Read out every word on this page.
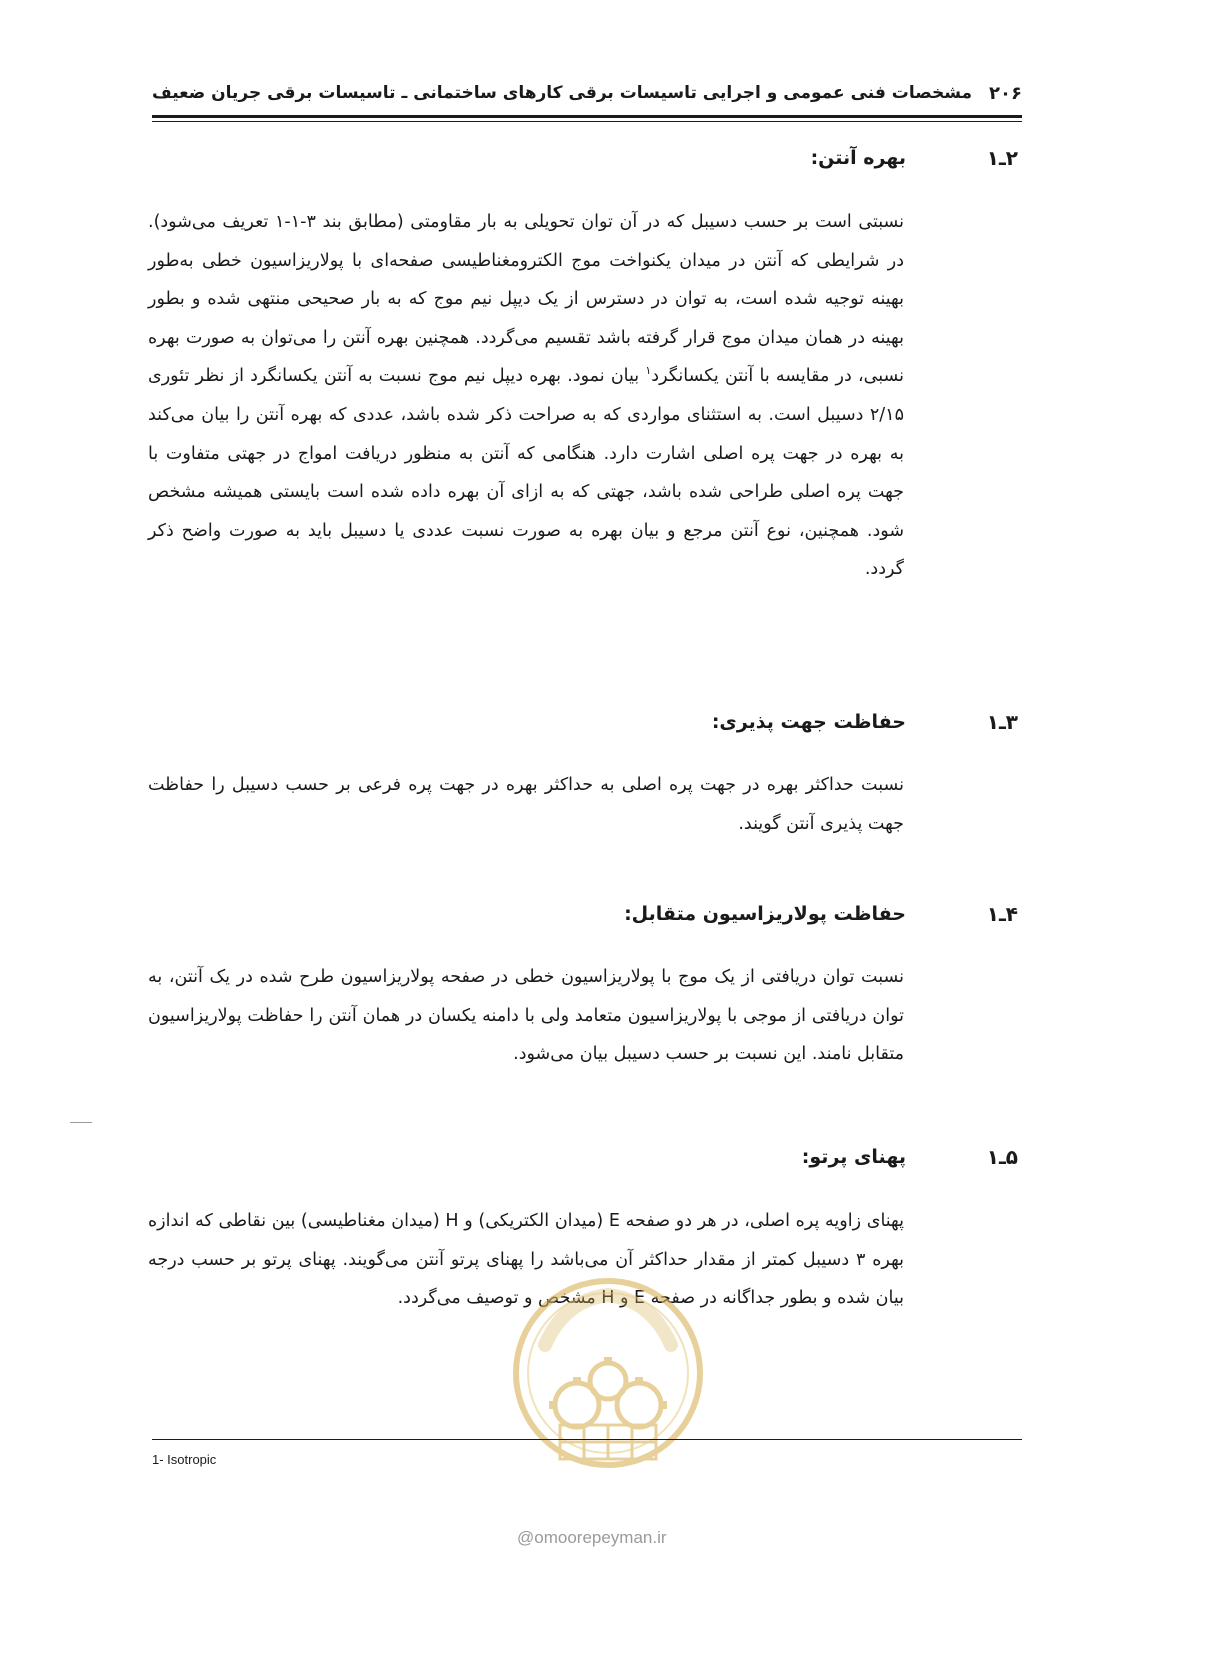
۲۰۶
مشخصات فنی عمومی و اجرایی تاسیسات برقی کارهای ساختمانی ـ تاسیسات برقی جریان ضعیف
۲ـ۱
بهره آنتن:

نسبتی است بر حسب دسیبل که در آن توان تحویلی به بار مقاومتی (مطابق بند ۳-۱-۱ تعریف می‌شود). در شرایطی که آنتن در میدان یکنواخت موج الکترومغناطیسی صفحه‌ای با پولاریزاسیون خطی به‌طور بهینه توجیه شده است، به توان در دسترس از یک دیپل نیم موج که به بار صحیحی منتهی شده و بطور بهینه در همان میدان موج قرار گرفته باشد تقسیم می‌گردد. همچنین بهره آنتن را می‌توان به صورت بهره نسبی، در مقایسه با آنتن یکسانگرد$^۱$ بیان نمود. بهره دیپل نیم موج نسبت به آنتن یکسانگرد از نظر تئوری ۲/۱۵ دسیبل است. به استثنای مواردی که به صراحت ذکر شده باشد، عددی که بهره آنتن را بیان می‌کند به بهره در جهت پره اصلی اشارت دارد. هنگامی که آنتن به منظور دریافت امواج در جهتی متفاوت با جهت پره اصلی طراحی شده باشد، جهتی که به ازای آن بهره داده شده است بایستی همیشه مشخص شود. همچنین، نوع آنتن مرجع و بیان بهره به صورت نسبت عددی یا دسیبل باید به صورت واضح ذکر گردد.

۳ـ۱
حفاظت جهت پذیری:

نسبت حداکثر بهره در جهت پره اصلی به حداکثر بهره در جهت پره فرعی بر حسب دسیبل را حفاظت جهت پذیری آنتن گویند.

۴ـ۱
حفاظت پولاریزاسیون متقابل:

نسبت توان دریافتی از یک موج با پولاریزاسیون خطی در صفحه پولاریزاسیون طرح شده در یک آنتن، به توان دریافتی از موجی با پولاریزاسیون متعامد ولی با دامنه یکسان در همان آنتن را حفاظت پولاریزاسیون متقابل نامند. این نسبت بر حسب دسیبل بیان می‌شود.

۵ـ۱
پهنای پرتو:

پهنای زاویه پره اصلی، در هر دو صفحه E (میدان الکتریکی) و H (میدان مغناطیسی) بین نقاطی که اندازه بهره ۳ دسیبل کمتر از مقدار حداکثر آن می‌باشد را پهنای پرتو آنتن می‌گویند. پهنای پرتو بر حسب درجه بیان شده و بطور جداگانه در صفحه E و H مشخص و توصیف می‌گردد.

@omoorepeyman.ir
1- Isotropic
